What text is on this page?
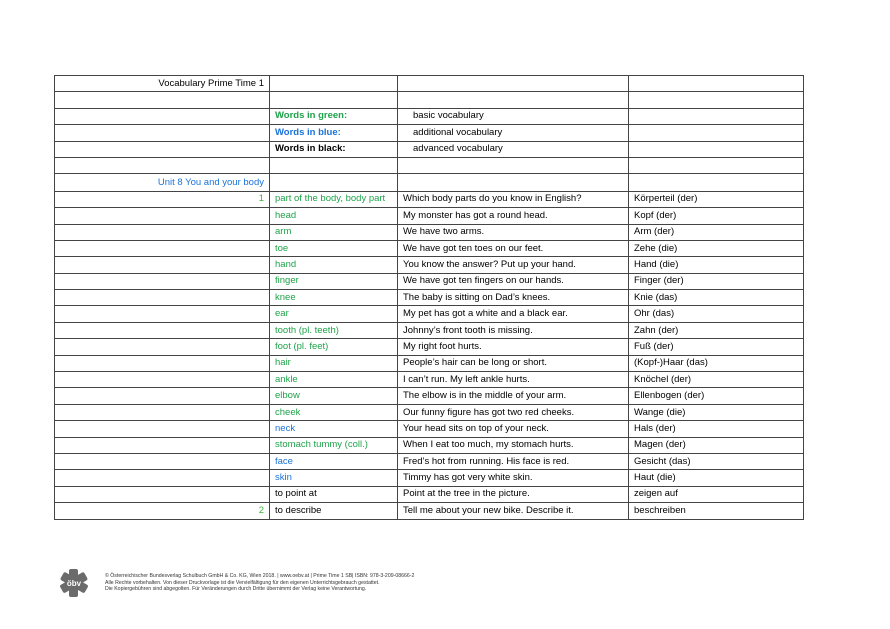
Vocabulary Prime Time 1			

	Words in green:	basic vocabulary	
	Words in blue:	additional vocabulary	
	Words in black:	advanced vocabulary	

Unit 8 You and your body			
1	part of the body, body part	Which body parts do you know in English?	Körperteil (der)
	head	My monster has got a round head.	Kopf (der)
	arm	We have two arms.	Arm (der)
	toe	We have got ten toes on our feet.	Zehe (die)
	hand	You know the answer? Put up your hand.	Hand (die)
	finger	We have got ten fingers on our hands.	Finger (der)
	knee	The baby is sitting on Dad’s knees.	Knie (das)
	ear	My pet has got a white and a black ear.	Ohr (das)
	tooth (pl. teeth)	Johnny’s front tooth is missing.	Zahn (der)
	foot (pl. feet)	My right foot hurts.	Fuß (der)
	hair	People’s hair can be long or short.	(Kopf-)Haar (das)
	ankle	I can’t run. My left ankle hurts.	Knöchel (der)
	elbow	The elbow is in the middle of your arm.	Ellenbogen (der)
	cheek	Our funny figure has got two red cheeks.	Wange (die)
	neck	Your head sits on top of your neck.	Hals (der)
	stomach tummy (coll.)	When I eat too much, my stomach hurts.	Magen (der)
	face	Fred’s hot from running. His face is red.	Gesicht (das)
	skin	Timmy has got very white skin.	Haut (die)
	to point at	Point at the tree in the picture.	zeigen auf
2	to describe	Tell me about your new bike. Describe it.	beschreiben
öbv
© Österreichischer Bundesverlag Schulbuch GmbH & Co. KG, Wien 2018. | www.oebv.at | Prime Time 1 SB| ISBN: 978-3-209-08666-2
Alle Rechte vorbehalten. Von dieser Druckvorlage ist die Vervielfältigung für den eigenen Unterrichtsgebrauch gestattet.
Die Kopiergebühren sind abgegolten. Für Veränderungen durch Dritte übernimmt der Verlag keine Verantwortung.
